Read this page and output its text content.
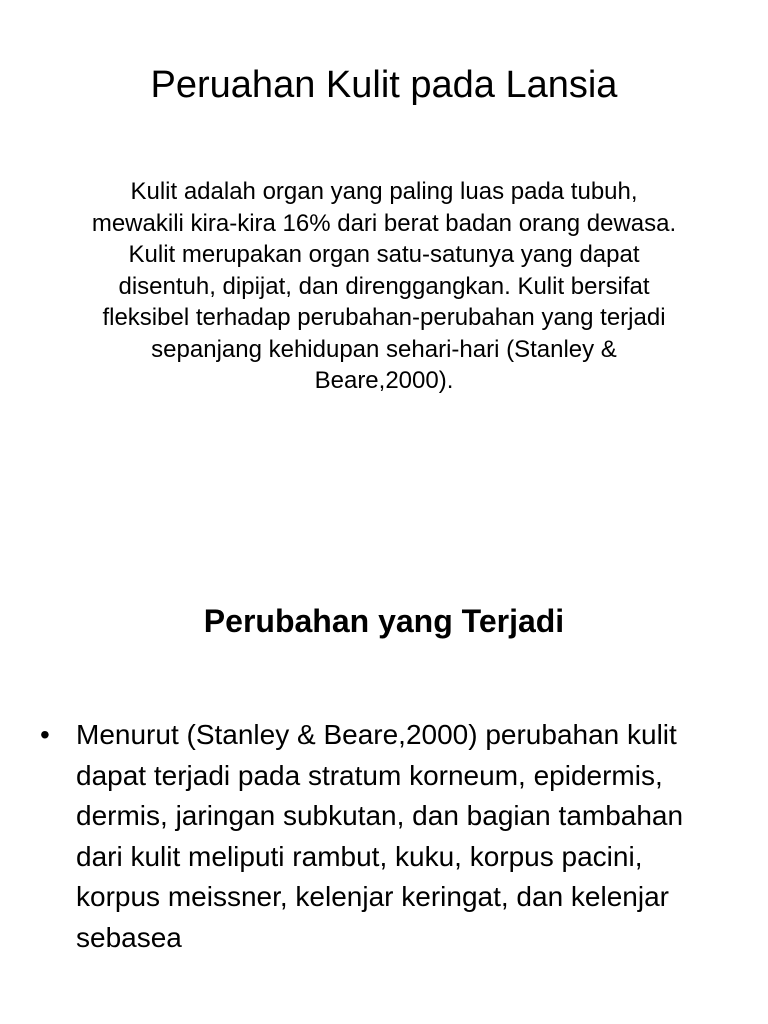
Peruahan Kulit pada Lansia

Kulit adalah organ yang paling luas pada tubuh, mewakili kira-kira 16% dari berat badan orang dewasa. Kulit merupakan organ satu-satunya yang dapat disentuh, dipijat, dan direnggangkan. Kulit bersifat fleksibel terhadap perubahan-perubahan yang terjadi sepanjang kehidupan sehari-hari (Stanley & Beare,2000).

Perubahan yang Terjadi
• Menurut (Stanley & Beare,2000) perubahan kulit dapat terjadi pada stratum korneum, epidermis, dermis, jaringan subkutan, dan bagian tambahan dari kulit meliputi rambut, kuku, korpus pacini, korpus meissner, kelenjar keringat, dan kelenjar sebasea
